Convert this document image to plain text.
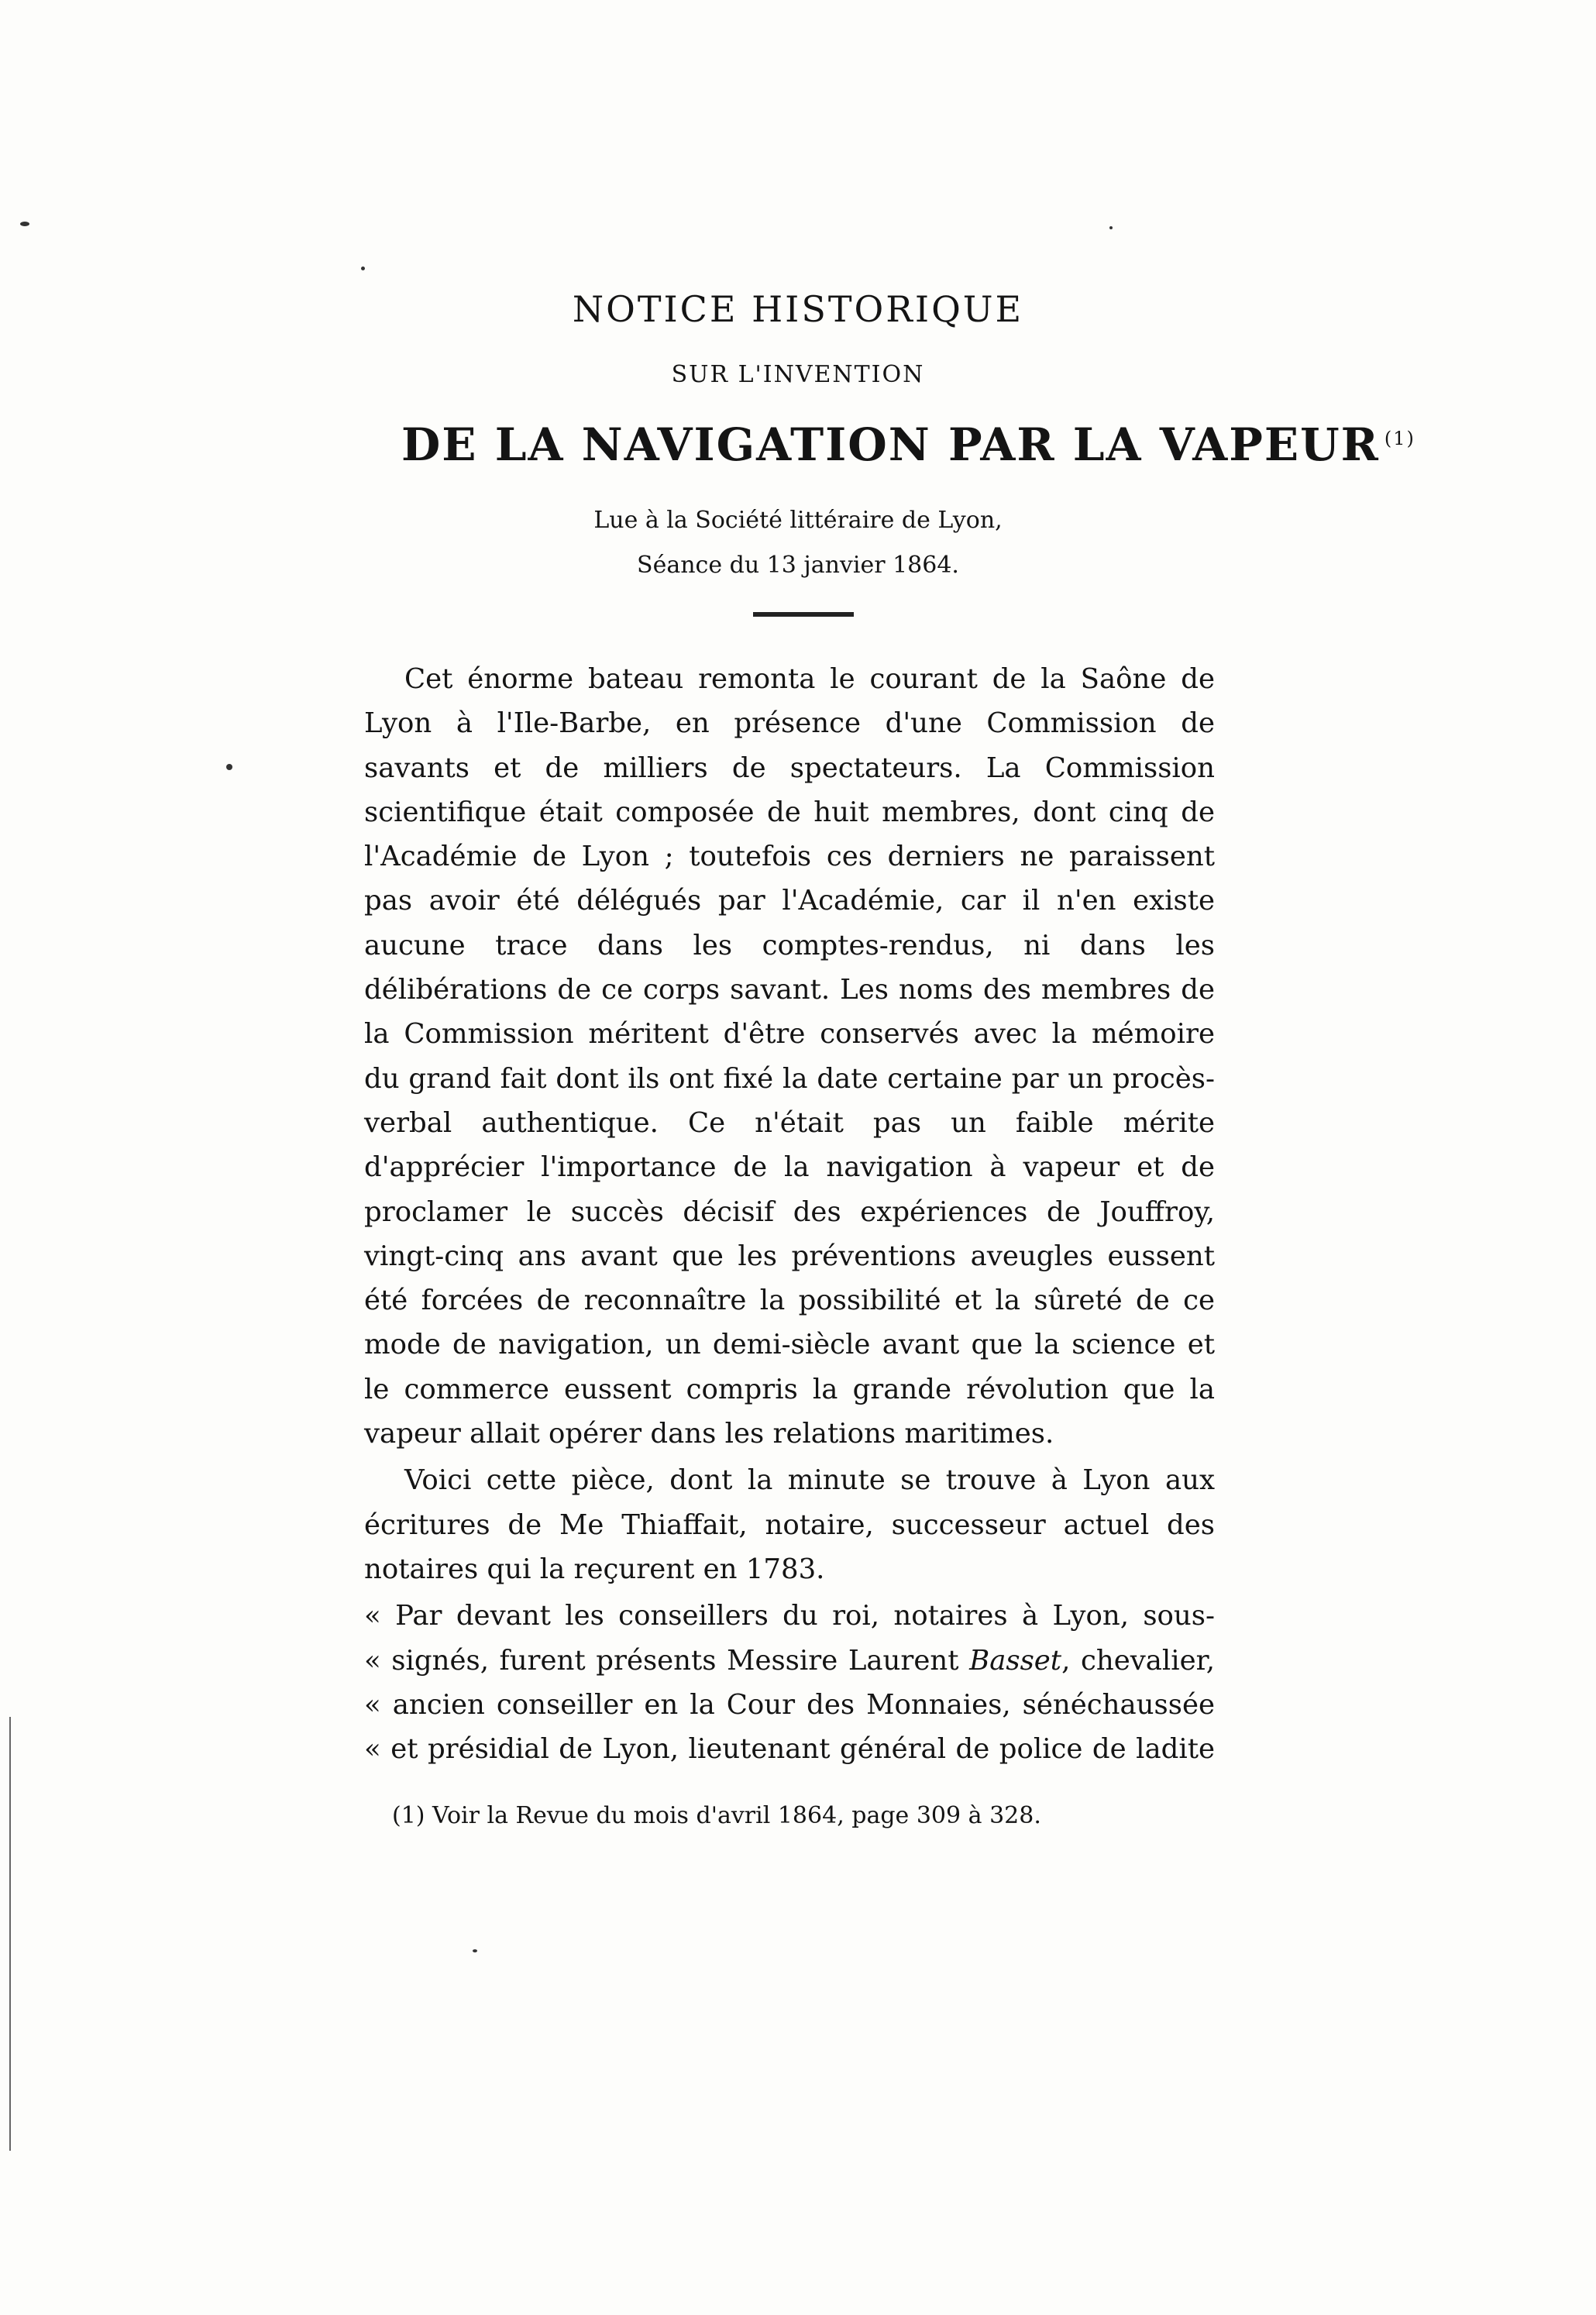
NOTICE HISTORIQUE
SUR L'INVENTION
DE LA NAVIGATION PAR LA VAPEUR $^{(1)}$
Lue à la Société littéraire de Lyon,
Séance du 13 janvier 1864.

Cet énorme bateau remonta le courant de la Saône de Lyon à l'Ile-Barbe, en présence d'une Commission de savants et de milliers de spectateurs. La Commission scientifique était composée de huit membres, dont cinq de l'Académie de Lyon ; toutefois ces derniers ne paraissent pas avoir été délégués par l'Académie, car il n'en existe aucune trace dans les comptes-rendus, ni dans les délibérations de ce corps savant. Les noms des membres de la Commission méritent d'être conservés avec la mémoire du grand fait dont ils ont fixé la date certaine par un procès-verbal authentique. Ce n'était pas un faible mérite d'apprécier l'importance de la navigation à vapeur et de proclamer le succès décisif des expériences de Jouffroy, vingt-cinq ans avant que les préventions aveugles eussent été forcées de reconnaître la possibilité et la sûreté de ce mode de navigation, un demi-siècle avant que la science et le commerce eussent compris la grande révolution que la vapeur allait opérer dans les relations maritimes.

Voici cette pièce, dont la minute se trouve à Lyon aux écritures de Me Thiaffait, notaire, successeur actuel des notaires qui la reçurent en 1783.

« Par devant les conseillers du roi, notaires à Lyon, sous-
« signés, furent présents Messire Laurent Basset, chevalier,
« ancien conseiller en la Cour des Monnaies, sénéchaussée
« et présidial de Lyon, lieutenant général de police de ladite

(1) Voir la Revue du mois d'avril 1864, page 309 à 328.
